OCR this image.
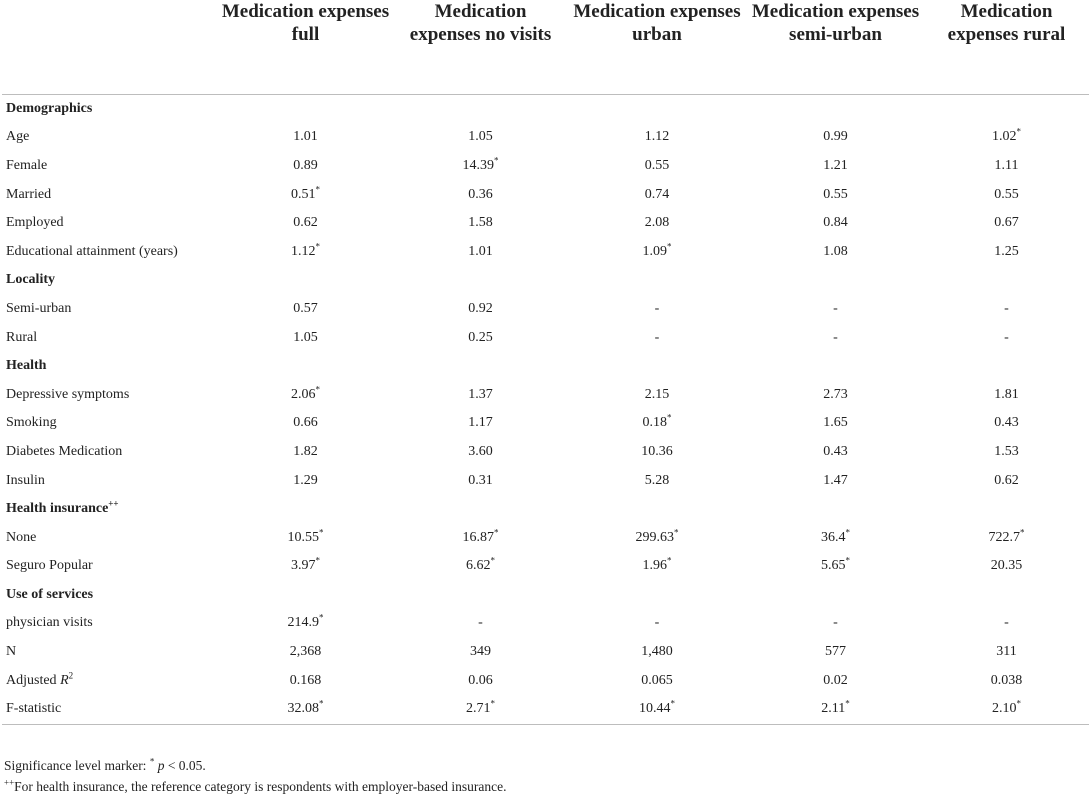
	Medication expenses full	Medication expenses no visits	Medication expenses urban	Medication expenses semi-urban	Medication expenses rural
Demographics					
Age	1.01	1.05	1.12	0.99	1.02*
Female	0.89	14.39*	0.55	1.21	1.11
Married	0.51*	0.36	0.74	0.55	0.55
Employed	0.62	1.58	2.08	0.84	0.67
Educational attainment (years)	1.12*	1.01	1.09*	1.08	1.25
Locality					
Semi-urban	0.57	0.92	-	-	-
Rural	1.05	0.25	-	-	-
Health					
Depressive symptoms	2.06*	1.37	2.15	2.73	1.81
Smoking	0.66	1.17	0.18*	1.65	0.43
Diabetes Medication	1.82	3.60	10.36	0.43	1.53
Insulin	1.29	0.31	5.28	1.47	0.62
Health insurance++
None	10.55*	16.87*	299.63*	36.4*	722.7*
Seguro Popular	3.97*	6.62*	1.96*	5.65*	20.35
Use of services					
physician visits	214.9*	-	-	-	-
N	2,368	349	1,480	577	311
Adjusted $R^2$	0.168	0.06	0.065	0.02	0.038
F-statistic	32.08*	2.71*	10.44*	2.11*	2.10*
Significance level marker: * p < 0.05.
++For health insurance, the reference category is respondents with employer-based insurance.
